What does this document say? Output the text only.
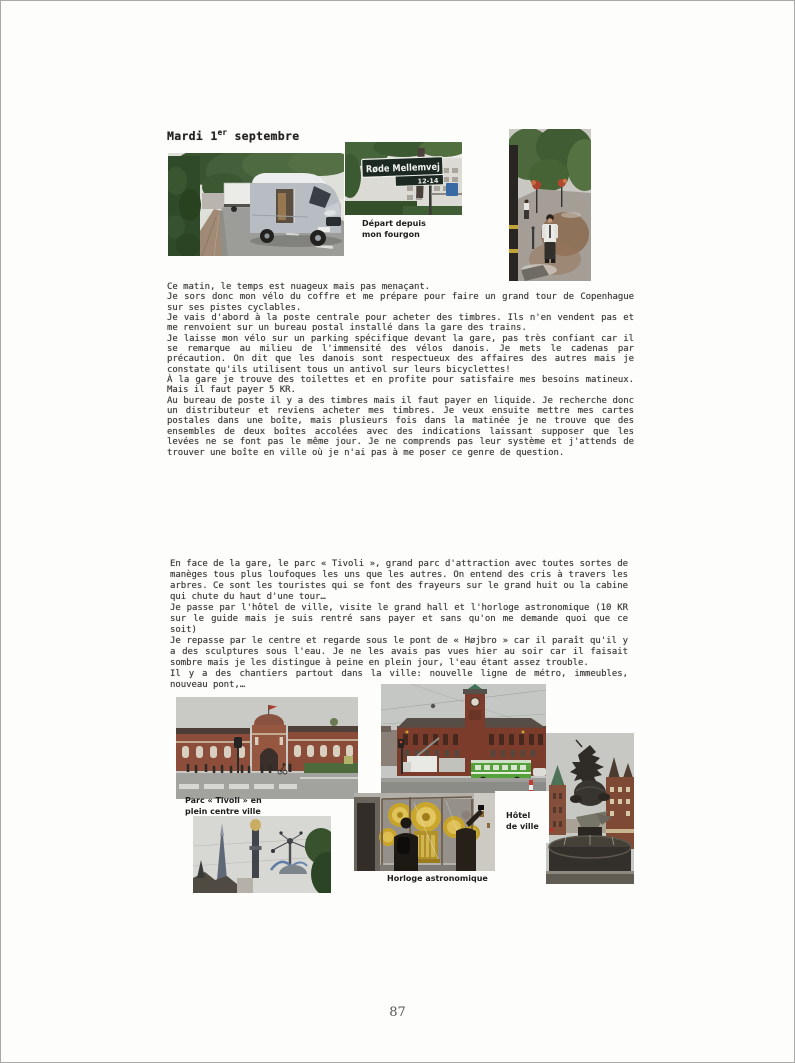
Mardi 1er septembre
Røde Mellemvej
12-14
Départ depuis
mon fourgon

Ce matin, le temps est nuageux mais pas menaçant.

Je sors donc mon vélo du coffre et me prépare pour faire un grand tour de Copenhague sur ses pistes cyclables.

Je vais d'abord à la poste centrale pour acheter des timbres. Ils n'en vendent pas et me renvoient sur un bureau postal installé dans la gare des trains.

Je laisse mon vélo sur un parking spécifique devant la gare, pas très confiant car il se remarque au milieu de l'immensité des vélos danois. Je mets le cadenas par précaution. On dit que les danois sont respectueux des affaires des autres mais je constate qu'ils utilisent tous un antivol sur leurs bicyclettes!

À la gare je trouve des toilettes et en profite pour satisfaire mes besoins matineux. Mais il faut payer 5 KR.

Au bureau de poste il y a des timbres mais il faut payer en liquide. Je recherche donc un distributeur et reviens acheter mes timbres. Je veux ensuite mettre mes cartes postales dans une boîte, mais plusieurs fois dans la matinée je ne trouve que des ensembles de deux boîtes accolées avec des indications laissant supposer que les levées ne se font pas le même jour. Je ne comprends pas leur système et j'attends de trouver une boîte en ville où je n'ai pas à me poser ce genre de question.

En face de la gare, le parc « Tivoli », grand parc d'attraction avec toutes sortes de manèges tous plus loufoques les uns que les autres. On entend des cris à travers les arbres. Ce sont les touristes qui se font des frayeurs sur le grand huit ou la cabine qui chute du haut d'une tour…

Je passe par l'hôtel de ville, visite le grand hall et l'horloge astronomique (10 KR sur le guide mais je suis rentré sans payer et sans qu'on me demande quoi que ce soit)

Je repasse par le centre et regarde sous le pont de « Højbro » car il paraît qu'il y a des sculptures sous l'eau. Je ne les avais pas vues hier au soir car il faisait sombre mais je les distingue à peine en plein jour, l'eau étant assez trouble.

Il y a des chantiers partout dans la ville: nouvelle ligne de métro, immeubles, nouveau pont,…

Parc « Tivoli » en
plein centre ville	Hôtel
de ville
Horloge astronomique
87
